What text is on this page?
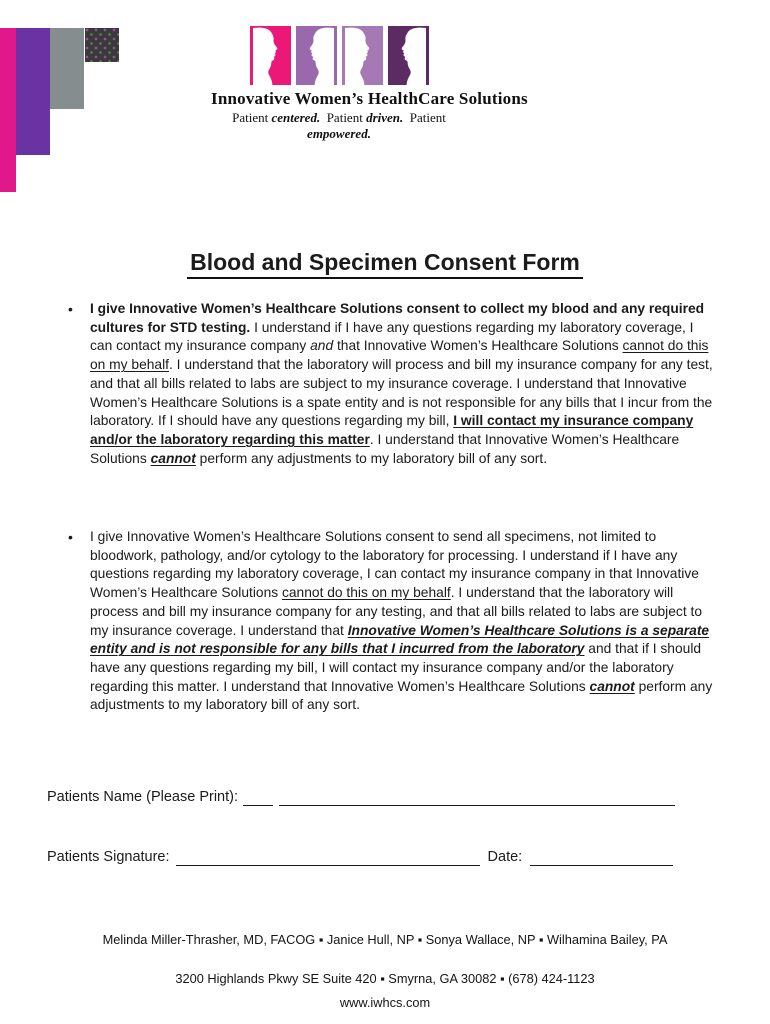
Innovative Women’s HealthCare Solutions
Patient centered.  Patient driven.  Patient empowered.
Blood and Specimen Consent Form
• I give Innovative Women’s Healthcare Solutions consent to collect my blood and any required cultures for STD testing. I understand if I have any questions regarding my laboratory coverage, I can contact my insurance company and that Innovative Women’s Healthcare Solutions cannot do this on my behalf. I understand that the laboratory will process and bill my insurance company for any test, and that all bills related to labs are subject to my insurance coverage. I understand that Innovative Women’s Healthcare Solutions is a spate entity and is not responsible for any bills that I incur from the laboratory. If I should have any questions regarding my bill, I will contact my insurance company and/or the laboratory regarding this matter. I understand that Innovative Women’s Healthcare Solutions cannot perform any adjustments to my laboratory bill of any sort.
• I give Innovative Women’s Healthcare Solutions consent to send all specimens, not limited to bloodwork, pathology, and/or cytology to the laboratory for processing. I understand if I have any questions regarding my laboratory coverage, I can contact my insurance company in that Innovative Women’s Healthcare Solutions cannot do this on my behalf. I understand that the laboratory will process and bill my insurance company for any testing, and that all bills related to labs are subject to my insurance coverage. I understand that Innovative Women’s Healthcare Solutions is a separate entity and is not responsible for any bills that I incurred from the laboratory and that if I should have any questions regarding my bill, I will contact my insurance company and/or the laboratory regarding this matter. I understand that Innovative Women’s Healthcare Solutions cannot perform any adjustments to my laboratory bill of any sort.
Patients Name (Please Print):
Patients Signature:	Date:
Melinda Miller-Thrasher, MD, FACOG ▪ Janice Hull, NP ▪ Sonya Wallace, NP ▪ Wilhamina Bailey, PA
3200 Highlands Pkwy SE Suite 420 ▪ Smyrna, GA 30082 ▪ (678) 424-1123
www.iwhcs.com
